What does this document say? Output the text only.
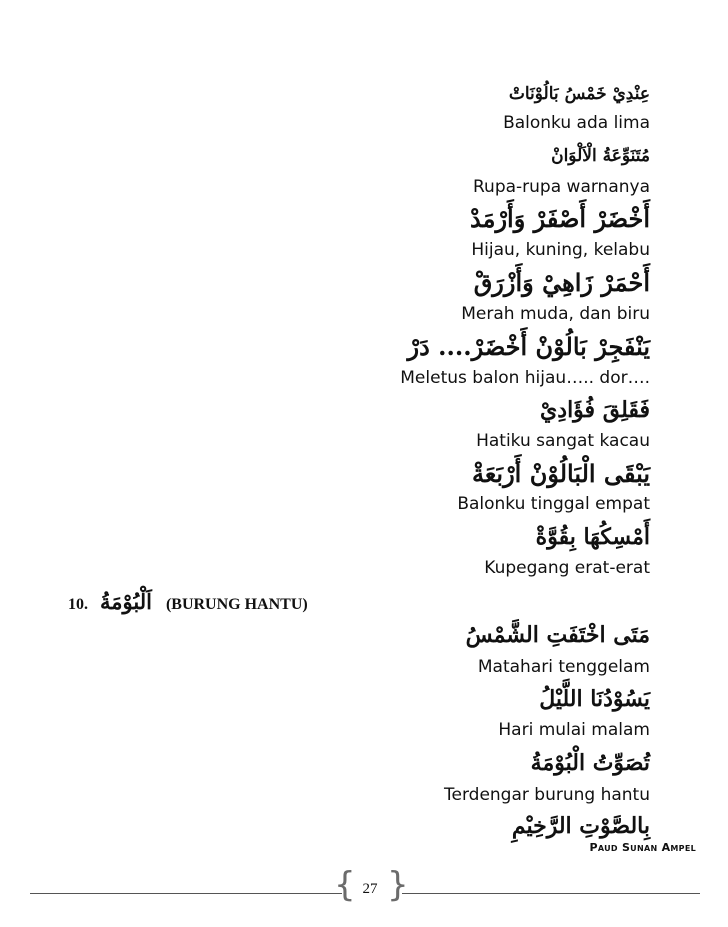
عِنْدِيْ خَمْسُ بَالُوْنَاتْ
Balonku ada lima
مُتَنَوِّعَةُ الْاَلْوَانْ
Rupa-rupa warnanya
أَخْضَرْ أَصْفَرْ وَأَرْمَدْ
Hijau, kuning, kelabu
أَحْمَرْ زَاهِيْ وَأَزْرَقْ
Merah muda, dan biru
يَنْفَجِرْ بَالُوْنْ أَخْضَرْ.... دَرْ
Meletus balon hijau….. dor….
فَقَلِقَ فُؤَادِيْ
Hatiku sangat kacau
يَبْقَى الْبَالُوْنْ أَرْبَعَةْ
Balonku tinggal empat
أَمْسِكُهَا بِقُوَّةْ
Kupegang erat-erat
10. اَلْبُوْمَةُ (BURUNG HANTU)
مَتَى اخْتَفَتِ الشَّمْسُ
Matahari tenggelam
يَسُوْدُنَا اللَّيْلُ
Hari mulai malam
تُصَوِّتُ الْبُوْمَةُ
Terdengar burung hantu
بِالصَّوْتِ الرَّخِيْمِ
Paud Sunan Ampel
{ 27 }
